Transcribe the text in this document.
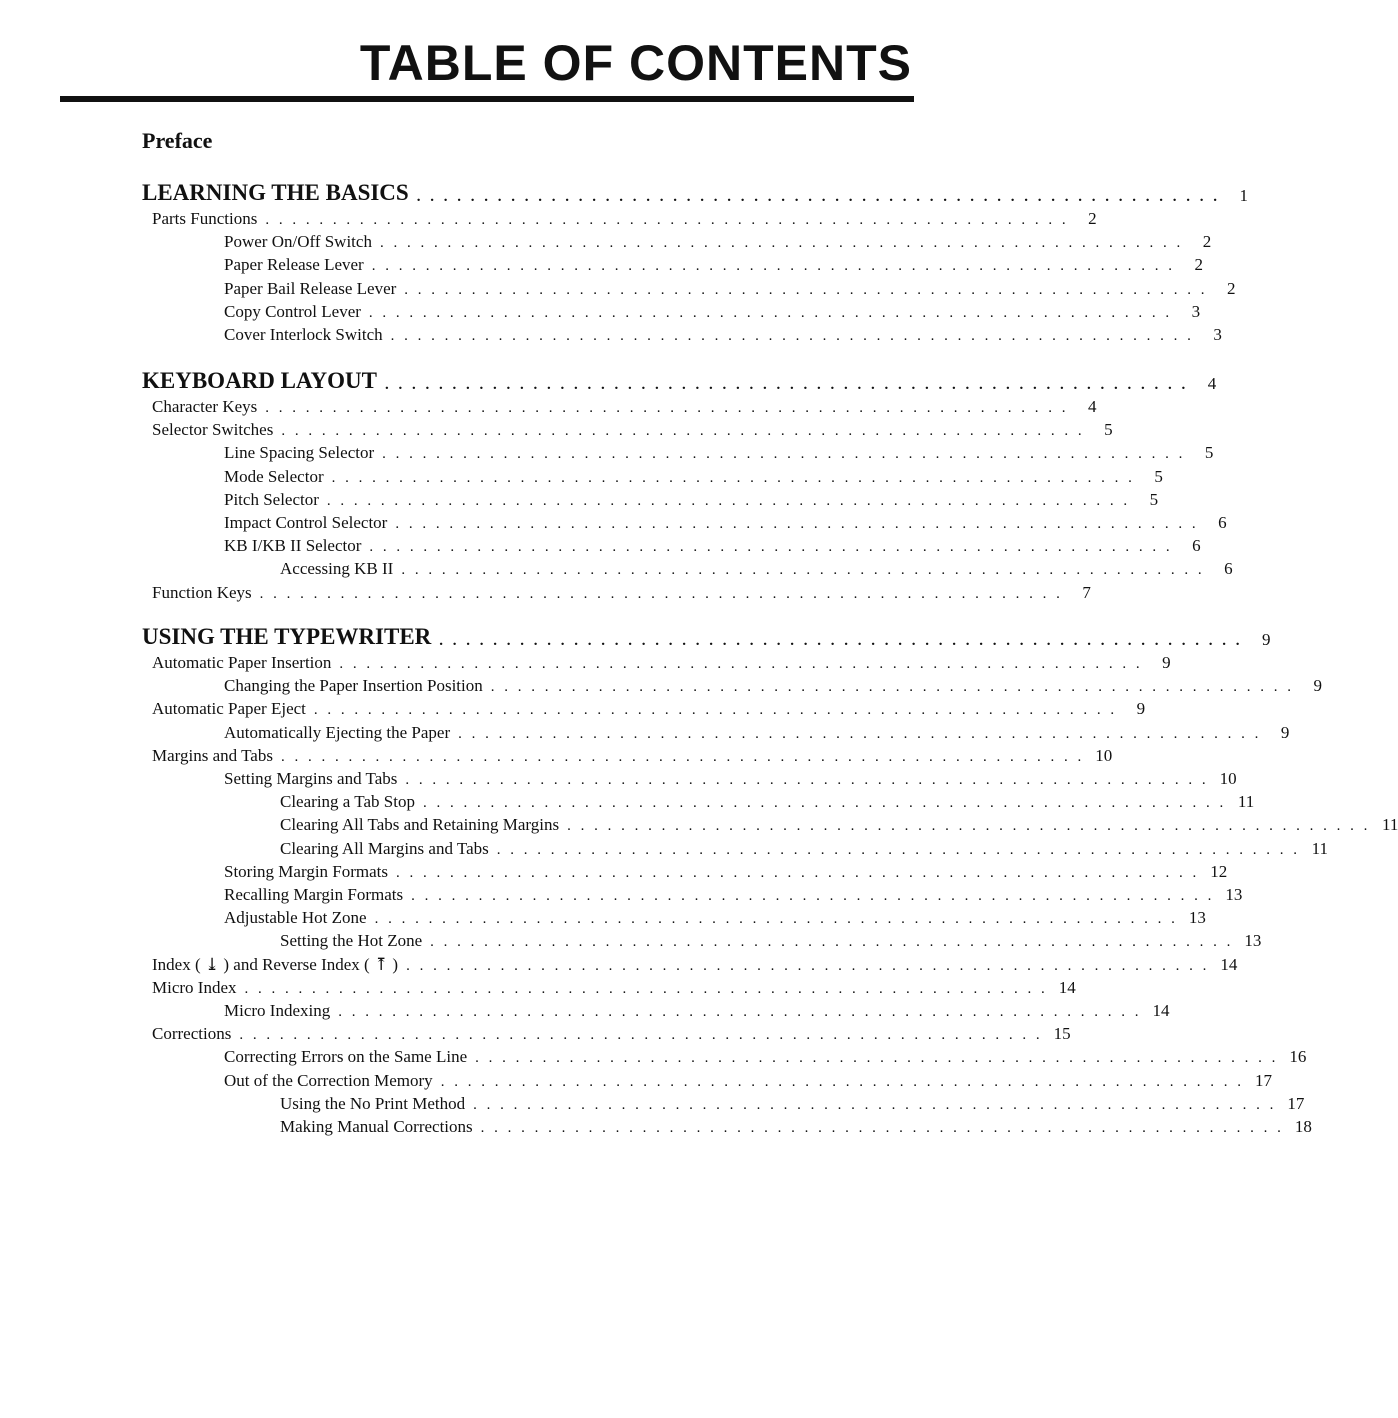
TABLE OF CONTENTS
Preface
LEARNING THE BASICS . . . . . . . . . . . . . . . . . . . . . . . . . . . . . . . . . . . . . . . . . . . . . . . . . . . . . . . . . . . .	1
Parts Functions . . . . . . . . . . . . . . . . . . . . . . . . . . . . . . . . . . . . . . . . . . . . . . . . . . . . . . . . . . . .	2
Power On/Off Switch . . . . . . . . . . . . . . . . . . . . . . . . . . . . . . . . . . . . . . . . . . . . . . . . . . . . . . . . . . . .	2
Paper Release Lever . . . . . . . . . . . . . . . . . . . . . . . . . . . . . . . . . . . . . . . . . . . . . . . . . . . . . . . . . . . .	2
Paper Bail Release Lever . . . . . . . . . . . . . . . . . . . . . . . . . . . . . . . . . . . . . . . . . . . . . . . . . . . . . . . . . . . .	2
Copy Control Lever . . . . . . . . . . . . . . . . . . . . . . . . . . . . . . . . . . . . . . . . . . . . . . . . . . . . . . . . . . . .	3
Cover Interlock Switch . . . . . . . . . . . . . . . . . . . . . . . . . . . . . . . . . . . . . . . . . . . . . . . . . . . . . . . . . . . .	3
KEYBOARD LAYOUT . . . . . . . . . . . . . . . . . . . . . . . . . . . . . . . . . . . . . . . . . . . . . . . . . . . . . . . . . . . .	4
Character Keys . . . . . . . . . . . . . . . . . . . . . . . . . . . . . . . . . . . . . . . . . . . . . . . . . . . . . . . . . . . .	4
Selector Switches . . . . . . . . . . . . . . . . . . . . . . . . . . . . . . . . . . . . . . . . . . . . . . . . . . . . . . . . . . . .	5
Line Spacing Selector . . . . . . . . . . . . . . . . . . . . . . . . . . . . . . . . . . . . . . . . . . . . . . . . . . . . . . . . . . . .	5
Mode Selector . . . . . . . . . . . . . . . . . . . . . . . . . . . . . . . . . . . . . . . . . . . . . . . . . . . . . . . . . . . .	5
Pitch Selector . . . . . . . . . . . . . . . . . . . . . . . . . . . . . . . . . . . . . . . . . . . . . . . . . . . . . . . . . . . .	5
Impact Control Selector . . . . . . . . . . . . . . . . . . . . . . . . . . . . . . . . . . . . . . . . . . . . . . . . . . . . . . . . . . . .	6
KB I/KB II Selector . . . . . . . . . . . . . . . . . . . . . . . . . . . . . . . . . . . . . . . . . . . . . . . . . . . . . . . . . . . .	6
Accessing KB II . . . . . . . . . . . . . . . . . . . . . . . . . . . . . . . . . . . . . . . . . . . . . . . . . . . . . . . . . . . .	6
Function Keys . . . . . . . . . . . . . . . . . . . . . . . . . . . . . . . . . . . . . . . . . . . . . . . . . . . . . . . . . . . .	7
USING THE TYPEWRITER . . . . . . . . . . . . . . . . . . . . . . . . . . . . . . . . . . . . . . . . . . . . . . . . . . . . . . . . . . . .	9
Automatic Paper Insertion . . . . . . . . . . . . . . . . . . . . . . . . . . . . . . . . . . . . . . . . . . . . . . . . . . . . . . . . . . . .	9
Changing the Paper Insertion Position . . . . . . . . . . . . . . . . . . . . . . . . . . . . . . . . . . . . . . . . . . . . . . . . . . . . . . . . . . . .	9
Automatic Paper Eject . . . . . . . . . . . . . . . . . . . . . . . . . . . . . . . . . . . . . . . . . . . . . . . . . . . . . . . . . . . .	9
Automatically Ejecting the Paper . . . . . . . . . . . . . . . . . . . . . . . . . . . . . . . . . . . . . . . . . . . . . . . . . . . . . . . . . . . .	9
Margins and Tabs . . . . . . . . . . . . . . . . . . . . . . . . . . . . . . . . . . . . . . . . . . . . . . . . . . . . . . . . . . . . 10
Setting Margins and Tabs . . . . . . . . . . . . . . . . . . . . . . . . . . . . . . . . . . . . . . . . . . . . . . . . . . . . . . . . . . . . 10
Clearing a Tab Stop . . . . . . . . . . . . . . . . . . . . . . . . . . . . . . . . . . . . . . . . . . . . . . . . . . . . . . . . . . . . 11
Clearing All Tabs and Retaining Margins . . . . . . . . . . . . . . . . . . . . . . . . . . . . . . . . . . . . . . . . . . . . . . . . . . . . . . . . . . . . 11
Clearing All Margins and Tabs . . . . . . . . . . . . . . . . . . . . . . . . . . . . . . . . . . . . . . . . . . . . . . . . . . . . . . . . . . . . 11
Storing Margin Formats . . . . . . . . . . . . . . . . . . . . . . . . . . . . . . . . . . . . . . . . . . . . . . . . . . . . . . . . . . . . 12
Recalling Margin Formats . . . . . . . . . . . . . . . . . . . . . . . . . . . . . . . . . . . . . . . . . . . . . . . . . . . . . . . . . . . . 13
Adjustable Hot Zone . . . . . . . . . . . . . . . . . . . . . . . . . . . . . . . . . . . . . . . . . . . . . . . . . . . . . . . . . . . . 13
Setting the Hot Zone . . . . . . . . . . . . . . . . . . . . . . . . . . . . . . . . . . . . . . . . . . . . . . . . . . . . . . . . . . . . 13
Index ( ⤓ ) and Reverse Index ( ⤒ ) . . . . . . . . . . . . . . . . . . . . . . . . . . . . . . . . . . . . . . . . . . . . . . . . . . . . . . . . . . . . 14
Micro Index . . . . . . . . . . . . . . . . . . . . . . . . . . . . . . . . . . . . . . . . . . . . . . . . . . . . . . . . . . . . 14
Micro Indexing . . . . . . . . . . . . . . . . . . . . . . . . . . . . . . . . . . . . . . . . . . . . . . . . . . . . . . . . . . . . 14
Corrections . . . . . . . . . . . . . . . . . . . . . . . . . . . . . . . . . . . . . . . . . . . . . . . . . . . . . . . . . . . . 15
Correcting Errors on the Same Line . . . . . . . . . . . . . . . . . . . . . . . . . . . . . . . . . . . . . . . . . . . . . . . . . . . . . . . . . . . . 16
Out of the Correction Memory . . . . . . . . . . . . . . . . . . . . . . . . . . . . . . . . . . . . . . . . . . . . . . . . . . . . . . . . . . . . 17
Using the No Print Method . . . . . . . . . . . . . . . . . . . . . . . . . . . . . . . . . . . . . . . . . . . . . . . . . . . . . . . . . . . . 17
Making Manual Corrections . . . . . . . . . . . . . . . . . . . . . . . . . . . . . . . . . . . . . . . . . . . . . . . . . . . . . . . . . . . . 18
